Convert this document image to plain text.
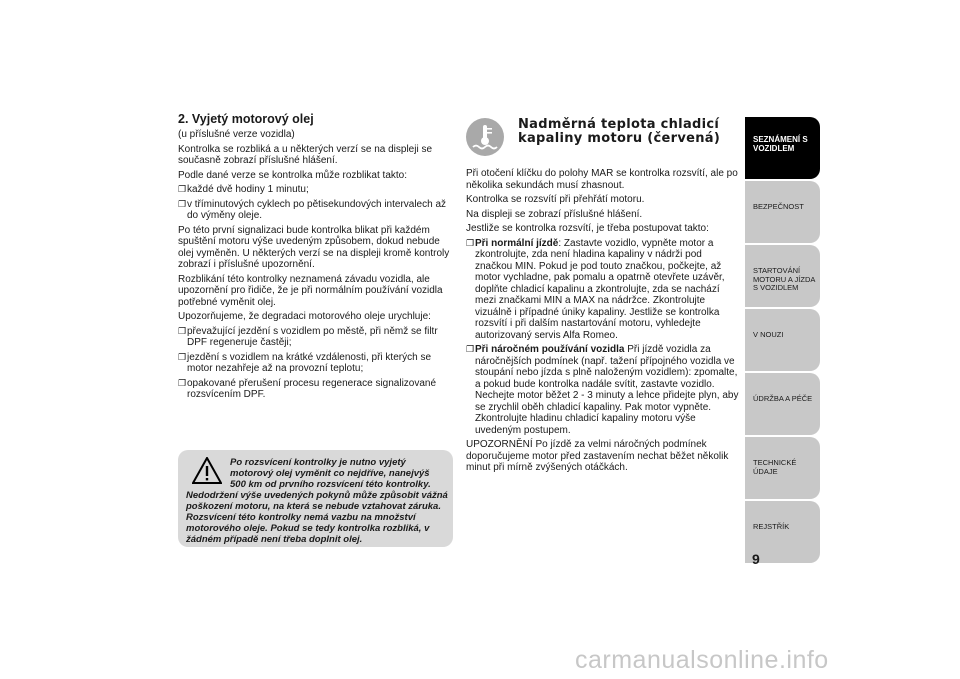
2. Vyjetý motorový olej

(u příslušné verze vozidla)

Kontrolka se rozbliká a u některých verzí se na displeji se současně zobrazí příslušné hlášení.

Podle dané verze se kontrolka může rozblikat takto:

❐ každé dvě hodiny 1 minutu;
❐ v tříminutových cyklech po pětisekundových intervalech až do výměny oleje.

Po této první signalizaci bude kontrolka blikat při každém spuštění motoru výše uvedeným způsobem, dokud nebude olej vyměněn. U některých verzí se na displeji kromě kontroly zobrazí i příslušné upozornění.

Rozblikání této kontrolky neznamená závadu vozidla, ale upozornění pro řidiče, že je při normálním používání vozidla potřebné vyměnit olej.

Upozorňujeme, že degradaci motorového oleje urychluje:

❐ převažující jezdění s vozidlem po městě, při němž se filtr DPF regeneruje častěji;
❐ jezdění s vozidlem na krátké vzdálenosti, při kterých se motor nezahřeje až na provozní teplotu;
❐ opakované přerušení procesu regenerace signalizované rozsvícením DPF.
Po rozsvícení kontrolky je nutno vyjetý motorový olej vyměnit co nejdříve, nanejvýš 500 km od prvního rozsvícení této kontrolky. Nedodržení výše uvedených pokynů může způsobit vážná poškození motoru, na která se nebude vztahovat záruka. Rozsvícení této kontrolky nemá vazbu na množství motorového oleje. Pokud se tedy kontrolka rozbliká, v žádném případě není třeba doplnit olej.
Nadměrná teplota chladicí kapaliny motoru (červená)

Při otočení klíčku do polohy MAR se kontrolka rozsvítí, ale po několika sekundách musí zhasnout.

Kontrolka se rozsvítí při přehřátí motoru.

Na displeji se zobrazí příslušné hlášení.

Jestliže se kontrolka rozsvítí, je třeba postupovat takto:

❐ Při normální jízdě: Zastavte vozidlo, vypněte motor a zkontrolujte, zda není hladina kapaliny v nádrži pod značkou MIN. Pokud je pod touto značkou, počkejte, až motor vychladne, pak pomalu a opatrně otevřete uzávěr, doplňte chladicí kapalinu a zkontrolujte, zda se nachází mezi značkami MIN a MAX na nádržce. Zkontrolujte vizuálně i případné úniky kapaliny. Jestliže se kontrolka rozsvítí i při dalším nastartování motoru, vyhledejte autorizovaný servis Alfa Romeo.
❐ Při náročném používání vozidla Při jízdě vozidla za náročnějších podmínek (např. tažení přípojného vozidla ve stoupání nebo jízda s plně naloženým vozidlem): zpomalte, a pokud bude kontrolka nadále svítit, zastavte vozidlo. Nechejte motor běžet 2 - 3 minuty a lehce přidejte plyn, aby se zrychlil oběh chladicí kapaliny. Pak motor vypněte. Zkontrolujte hladinu chladicí kapaliny motoru výše uvedeným postupem.

UPOZORNĚNÍ Po jízdě za velmi náročných podmínek doporučujeme motor před zastavením nechat běžet několik minut při mírně zvýšených otáčkách.

SEZNÁMENÍ S VOZIDLEM
BEZPEČNOST
STARTOVÁNÍ MOTORU A JÍZDA S VOZIDLEM
V NOUZI
ÚDRŽBA A PÉČE
TECHNICKÉ ÚDAJE
REJSTŘÍK
9
carmanualsonline.info
